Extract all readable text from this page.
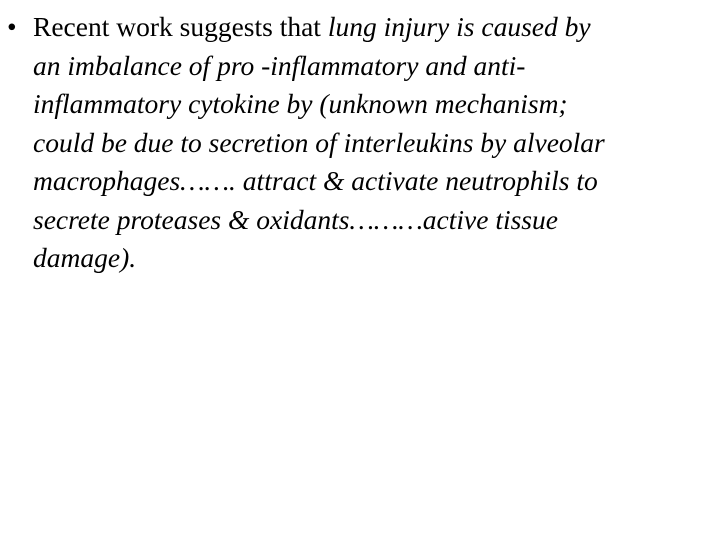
• Recent work suggests that lung injury is caused by
an imbalance of pro -inflammatory and anti-
inflammatory cytokine by (unknown mechanism;
could be due to secretion of interleukins by alveolar
macrophages……. attract & activate neutrophils to
secrete proteases & oxidants………active tissue
damage).
